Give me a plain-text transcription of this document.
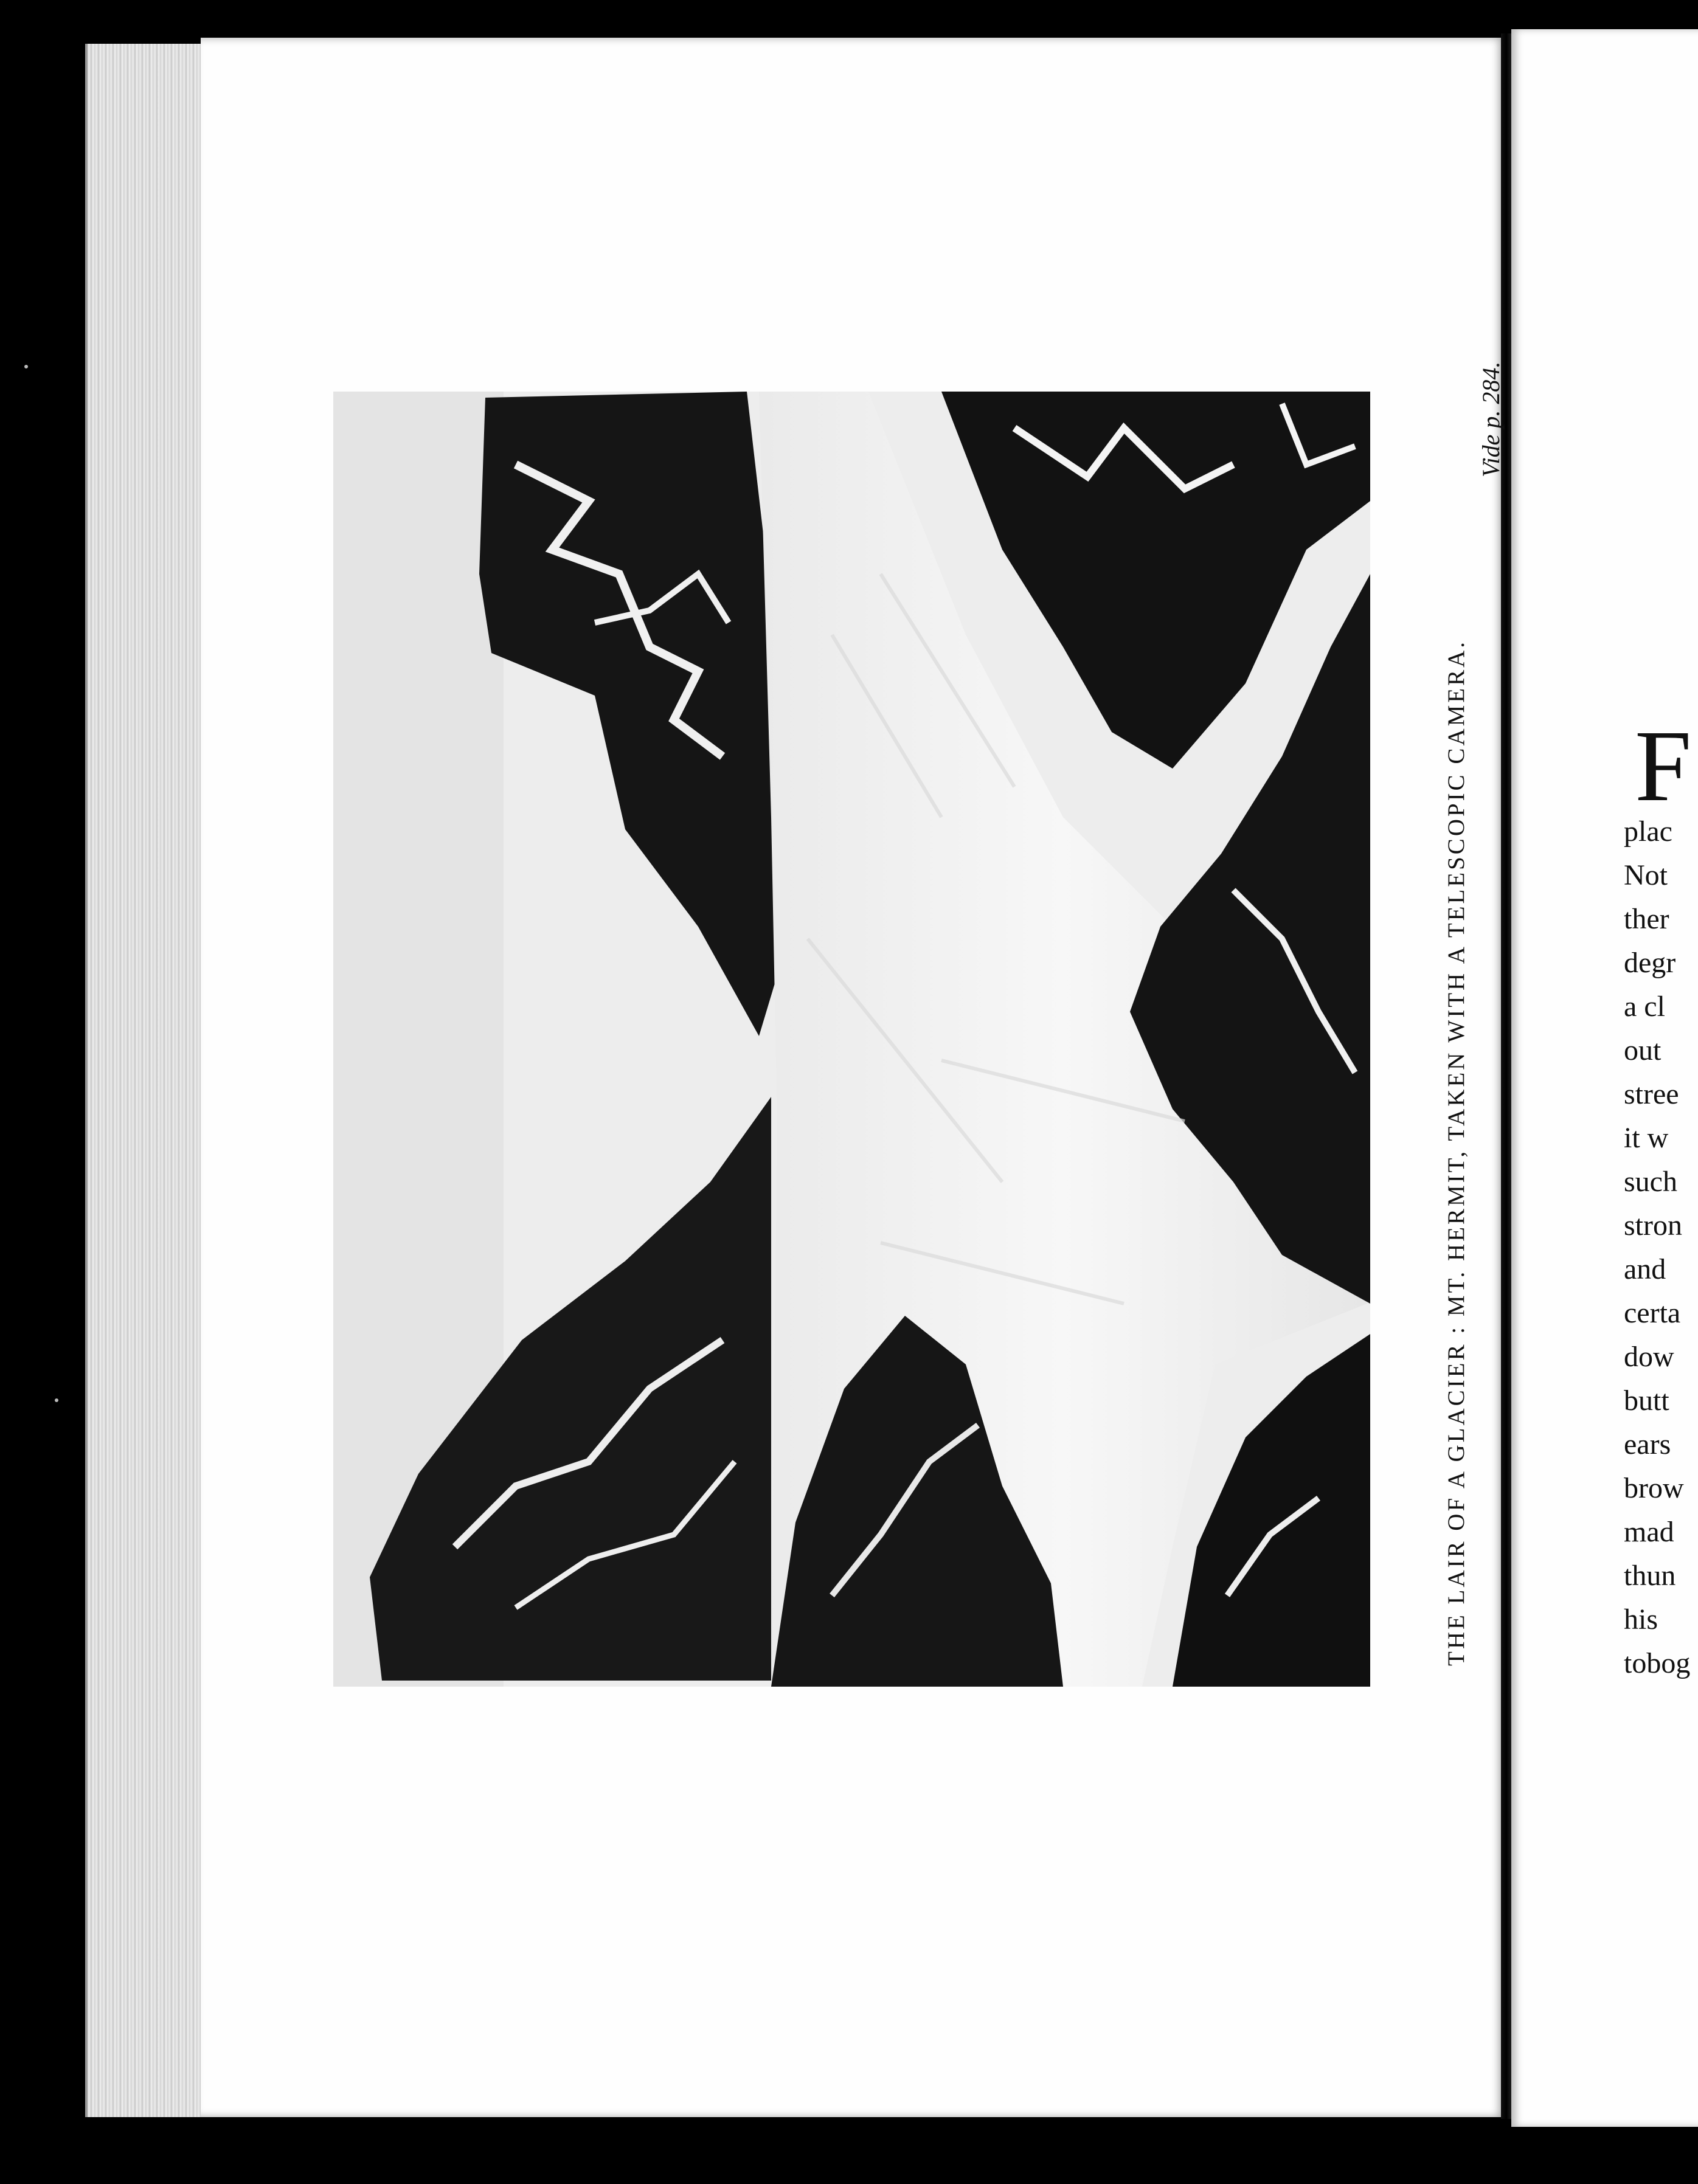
THE LAIR OF A GLACIER : MT. HERMIT, TAKEN WITH A TELESCOPIC CAMERA.
Vide p. 284.
F
plac
Not
ther
degr
a cl
out
stree
it w
such
stron
and
certa
dow
butt
ears
brow
mad
thun
his
tobog
